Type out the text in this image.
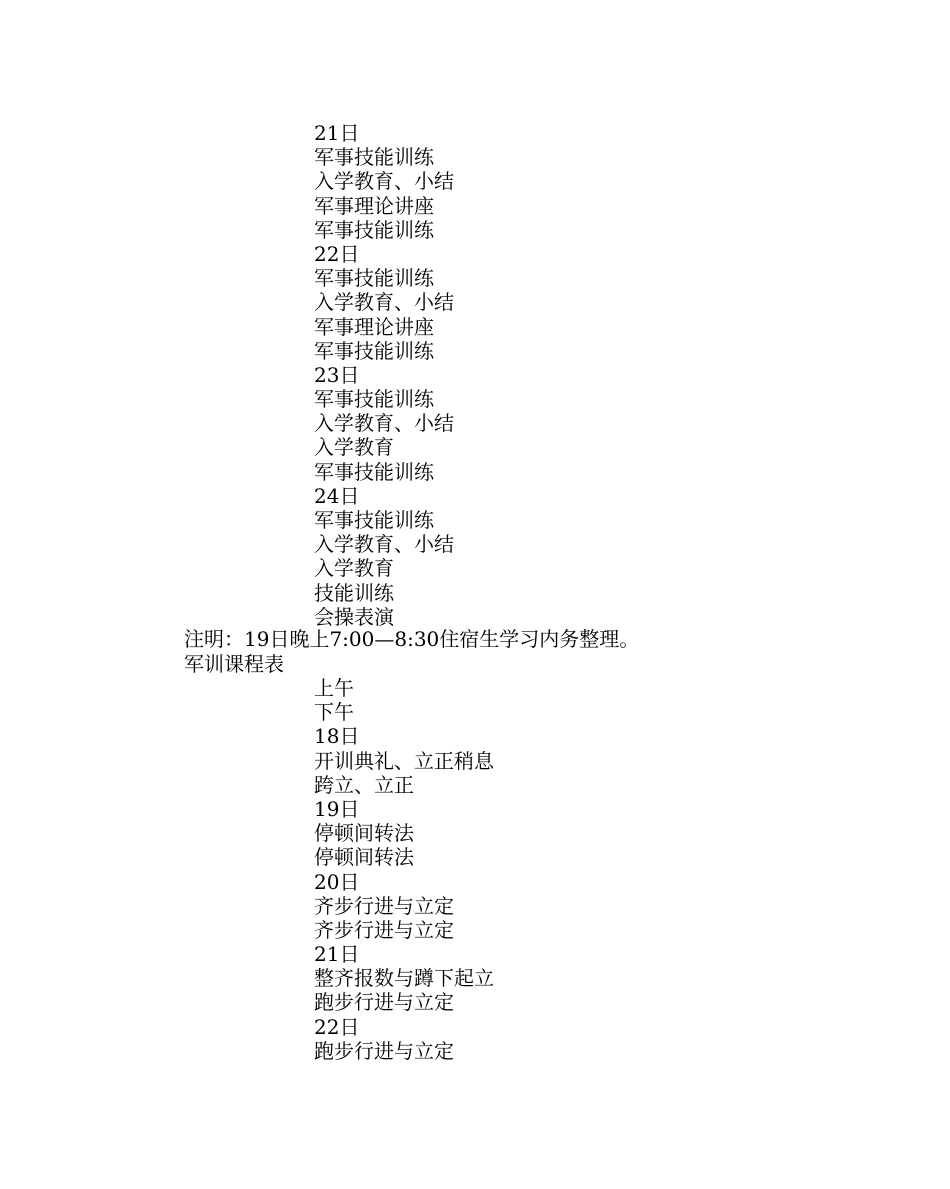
21日
军事技能训练
入学教育、小结
军事理论讲座
军事技能训练
22日
军事技能训练
入学教育、小结
军事理论讲座
军事技能训练
23日
军事技能训练
入学教育、小结
入学教育
军事技能训练
24日
军事技能训练
入学教育、小结
入学教育
技能训练
会操表演
注明：19日晚上7:00—8:30住宿生学习内务整理。
军训课程表
上午
下午
18日
开训典礼、立正稍息
跨立、立正
19日
停顿间转法
停顿间转法
20日
齐步行进与立定
齐步行进与立定
21日
整齐报数与蹲下起立
跑步行进与立定
22日
跑步行进与立定
